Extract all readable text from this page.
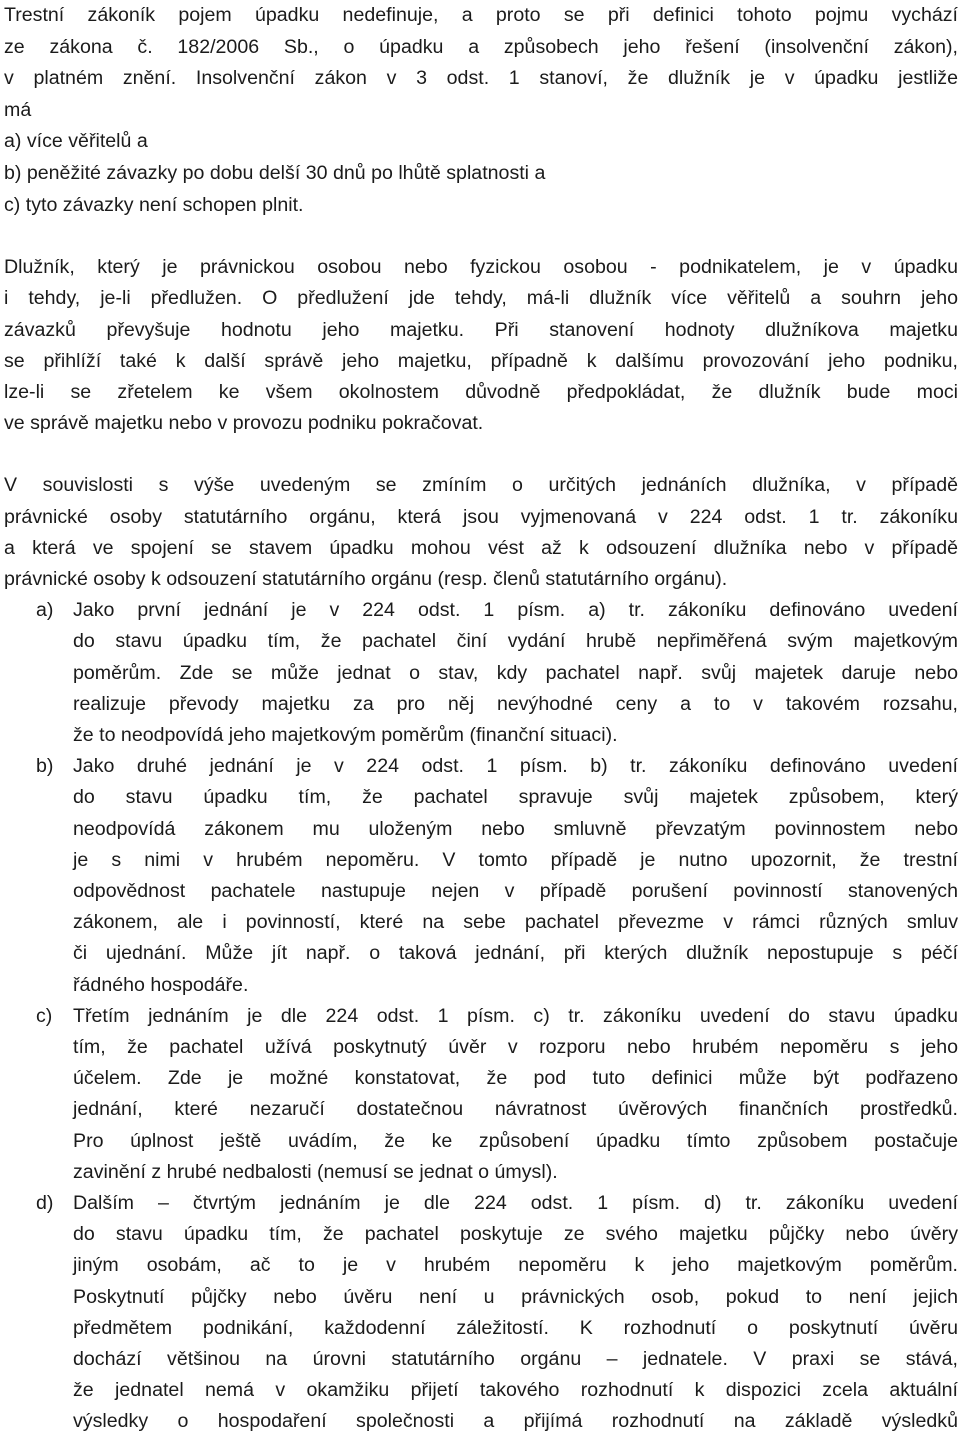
Trestní zákoník pojem úpadku nedefinuje, a proto se při definici tohoto pojmu vychází
ze zákona č. 182/2006 Sb., o úpadku a způsobech jeho řešení (insolvenční zákon),
v platném znění. Insolvenční zákon v 3 odst. 1 stanoví, že dlužník je v úpadku jestliže
má
a) více věřitelů a
b) peněžité závazky po dobu delší 30 dnů po lhůtě splatnosti a
c) tyto závazky není schopen plnit.
Dlužník, který je právnickou osobou nebo fyzickou osobou - podnikatelem, je v úpadku
i tehdy, je-li předlužen. O předlužení jde tehdy, má-li dlužník více věřitelů a souhrn jeho
závazků převyšuje hodnotu jeho majetku. Při stanovení hodnoty dlužníkova majetku
se přihlíží také k další správě jeho majetku, případně k dalšímu provozování jeho podniku,
lze-li se zřetelem ke všem okolnostem důvodně předpokládat, že dlužník bude moci
ve správě majetku nebo v provozu podniku pokračovat.
V souvislosti s výše uvedeným se zmíním o určitých jednáních dlužníka, v případě
právnické osoby statutárního orgánu, která jsou vyjmenovaná v 224 odst. 1 tr. zákoníku
a která ve spojení se stavem úpadku mohou vést až k odsouzení dlužníka nebo v případě
právnické osoby k odsouzení statutárního orgánu (resp. členů statutárního orgánu).
a) Jako první jednání je v 224 odst. 1 písm. a) tr. zákoníku definováno uvedení
do stavu úpadku tím, že pachatel činí vydání hrubě nepřiměřená svým majetkovým
poměrům. Zde se může jednat o stav, kdy pachatel např. svůj majetek daruje nebo
realizuje převody majetku za pro něj nevýhodné ceny a to v takovém rozsahu,
že to neodpovídá jeho majetkovým poměrům (finanční situaci).
b) Jako druhé jednání je v 224 odst. 1 písm. b) tr. zákoníku definováno uvedení
do stavu úpadku tím, že pachatel spravuje svůj majetek způsobem, který
neodpovídá zákonem mu uloženým nebo smluvně převzatým povinnostem nebo
je s nimi v hrubém nepoměru. V tomto případě je nutno upozornit, že trestní
odpovědnost pachatele nastupuje nejen v případě porušení povinností stanovených
zákonem, ale i povinností, které na sebe pachatel převezme v rámci různých smluv
či ujednání. Může jít např. o taková jednání, při kterých dlužník nepostupuje s péčí
řádného hospodáře.
c) Třetím jednáním je dle 224 odst. 1 písm. c) tr. zákoníku uvedení do stavu úpadku
tím, že pachatel užívá poskytnutý úvěr v rozporu nebo hrubém nepoměru s jeho
účelem. Zde je možné konstatovat, že pod tuto definici může být podřazeno
jednání, které nezaručí dostatečnou návratnost úvěrových finančních prostředků.
Pro úplnost ještě uvádím, že ke způsobení úpadku tímto způsobem postačuje
zavinění z hrubé nedbalosti (nemusí se jednat o úmysl).
d) Dalším – čtvrtým jednáním je dle 224 odst. 1 písm. d) tr. zákoníku uvedení
do stavu úpadku tím, že pachatel poskytuje ze svého majetku půjčky nebo úvěry
jiným osobám, ač to je v hrubém nepoměru k jeho majetkovým poměrům.
Poskytnutí půjčky nebo úvěru není u právnických osob, pokud to není jejich
předmětem podnikání, každodenní záležitostí. K rozhodnutí o poskytnutí úvěru
dochází většinou na úrovni statutárního orgánu – jednatele. V praxi se stává,
že jednatel nemá v okamžiku přijetí takového rozhodnutí k dispozici zcela aktuální
výsledky o hospodaření společnosti a přijímá rozhodnutí na základě výsledků
